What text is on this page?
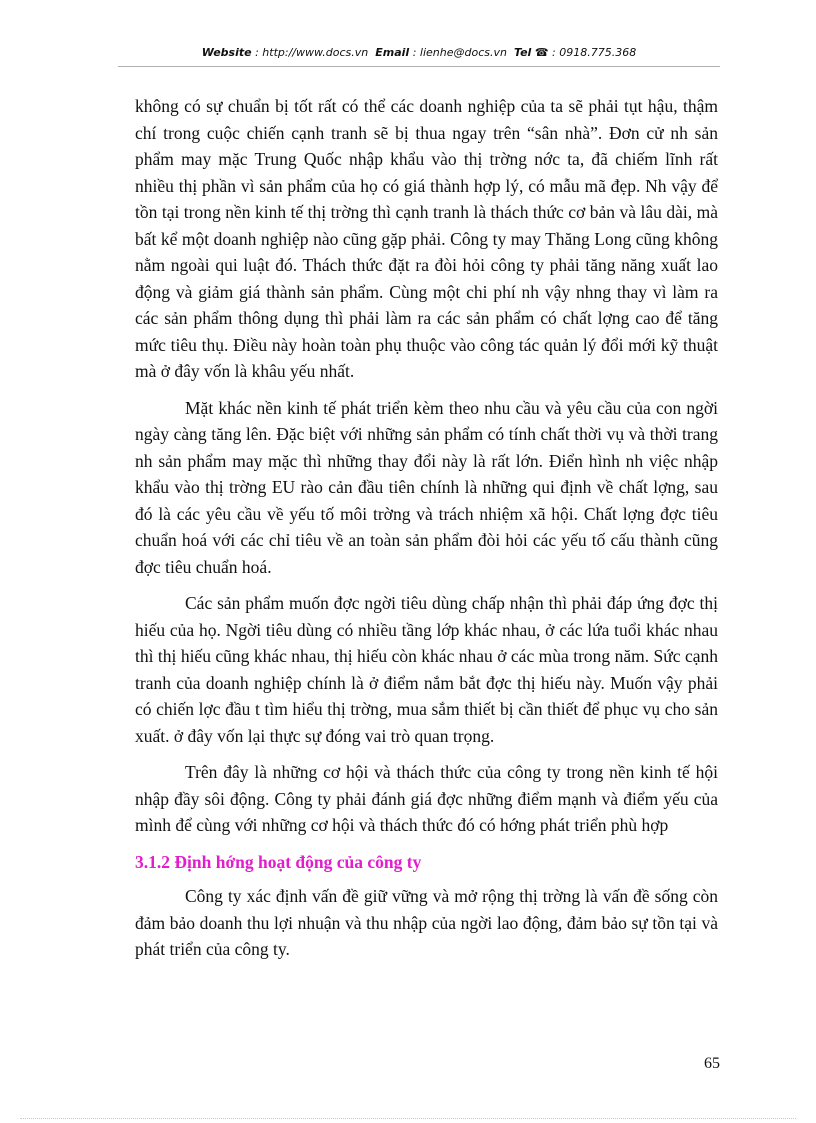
Website : http://www.docs.vn Email : lienhe@docs.vn Tel ☎ : 0918.775.368

không có sự chuẩn bị tốt rất có thể các doanh nghiệp của ta sẽ phải tụt hậu, thậm chí trong cuộc chiến cạnh tranh sẽ bị thua ngay trên “sân nhà”. Đơn cử nh sản phẩm may mặc Trung Quốc nhập khẩu vào thị trờng nớc ta, đã chiếm lĩnh rất nhiều thị phần vì sản phẩm của họ có giá thành hợp lý, có mẫu mã đẹp. Nh vậy để tồn tại trong nền kinh tế thị trờng thì cạnh tranh là thách thức cơ bản và lâu dài, mà bất kể một doanh nghiệp nào cũng gặp phải. Công ty may Thăng Long cũng không nằm ngoài qui luật đó. Thách thức đặt ra đòi hỏi công ty phải tăng năng xuất lao động và giảm giá thành sản phẩm. Cùng một chi phí nh vậy nhng thay vì làm ra các sản phẩm thông dụng thì phải làm ra các sản phẩm có chất lợng cao để tăng mức tiêu thụ. Điều này hoàn toàn phụ thuộc vào công tác quản lý đổi mới kỹ thuật mà ở đây vốn là khâu yếu nhất.

Mặt khác nền kinh tế phát triển kèm theo nhu cầu và yêu cầu của con ngời ngày càng tăng lên. Đặc biệt với những sản phẩm có tính chất thời vụ và thời trang nh sản phẩm may mặc thì những thay đổi này là rất lớn. Điển hình nh việc nhập khẩu vào thị trờng EU rào cản đầu tiên chính là những qui định về chất lợng, sau đó là các yêu cầu về yếu tố môi trờng và trách nhiệm xã hội. Chất lợng đợc tiêu chuẩn hoá với các chỉ tiêu về an toàn sản phẩm đòi hỏi các yếu tố cấu thành cũng đợc tiêu chuẩn hoá.

Các sản phẩm muốn đợc ngời tiêu dùng chấp nhận thì phải đáp ứng đợc thị hiếu của họ. Ngời tiêu dùng có nhiều tầng lớp khác nhau, ở các lứa tuổi khác nhau thì thị hiếu cũng khác nhau, thị hiếu còn khác nhau ở các mùa trong năm. Sức cạnh tranh của doanh nghiệp chính là ở điểm nắm bắt đợc thị hiếu này. Muốn vậy phải có chiến lợc đầu t tìm hiểu thị trờng, mua sắm thiết bị cần thiết để phục vụ cho sản xuất. ở đây vốn lại thực sự đóng vai trò quan trọng.

Trên đây là những cơ hội và thách thức của công ty trong nền kinh tế hội nhập đầy sôi động. Công ty phải đánh giá đợc những điểm mạnh và điểm yếu của mình để cùng với những cơ hội và thách thức đó có hớng phát triển phù hợp

3.1.2 Định hớng hoạt động của công ty

Công ty xác định vấn đề giữ vững và mở rộng thị trờng là vấn đề sống còn đảm bảo doanh thu lợi nhuận và thu nhập của ngời lao động, đảm bảo sự tồn tại và phát triển của công ty.

65
